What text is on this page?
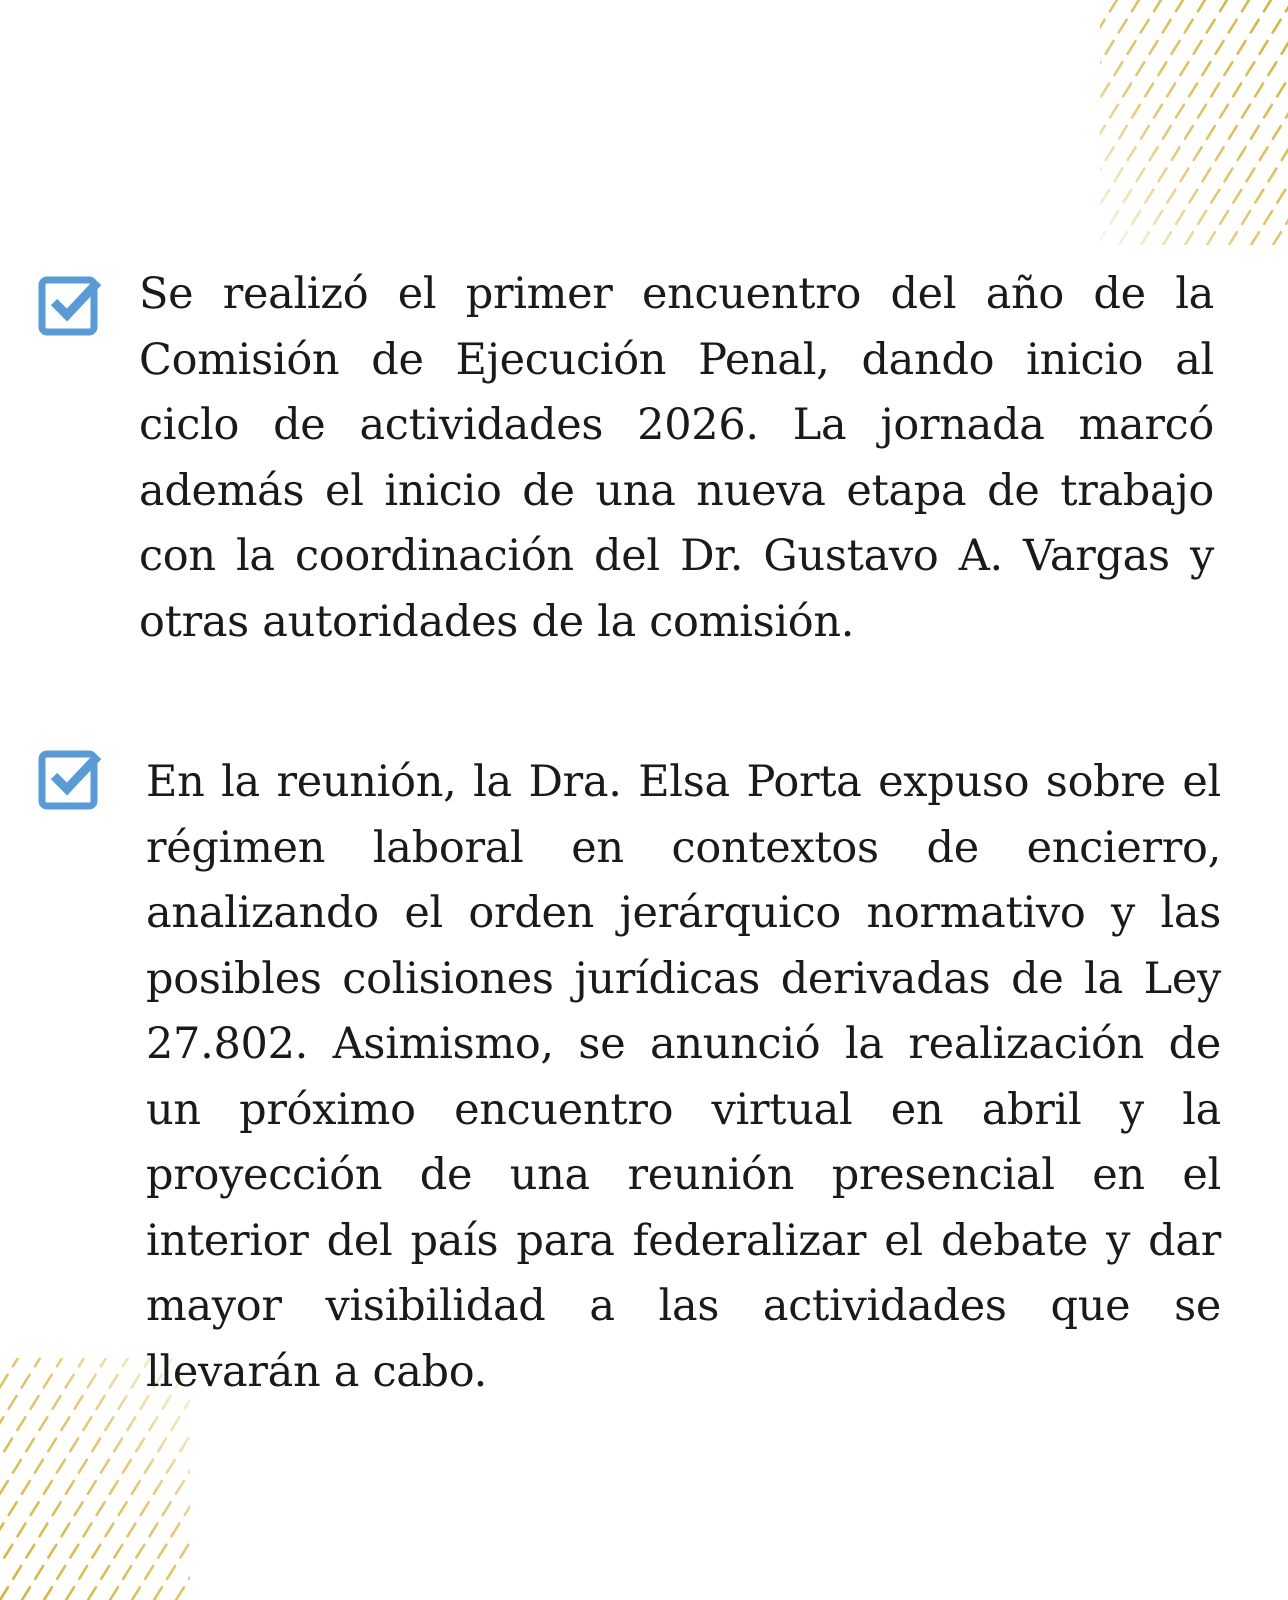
Se realizó el primer encuentro del año de la Comisión de Ejecución Penal, dando inicio al ciclo de actividades 2026. La jornada marcó además el inicio de una nueva etapa de trabajo con la coordinación del Dr. Gustavo A. Vargas y otras autoridades de la comisión.

En la reunión, la Dra. Elsa Porta expuso sobre el régimen laboral en contextos de encierro, analizando el orden jerárquico normativo y las posibles colisiones jurídicas derivadas de la Ley 27.802. Asimismo, se anunció la realización de un próximo encuentro virtual en abril y la proyección de una reunión presencial en el interior del país para federalizar el debate y dar mayor visibilidad a las actividades que se llevarán a cabo.
